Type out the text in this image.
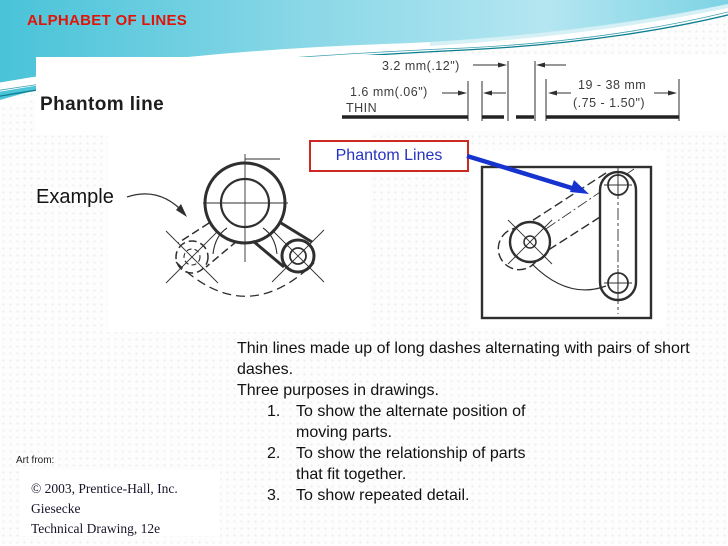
ALPHABET OF LINES
Phantom line
Example
3.2 mm(.12")
1.6 mm(.06")
THIN
19 - 38 mm
(.75 - 1.50")
Phantom Lines
Thin lines made up of long dashes alternating with pairs of short dashes.
Three purposes in drawings.
1. To show the alternate position of moving parts.
2. To show the relationship of parts that fit together.
3. To show repeated detail.
Art from:
© 2003, Prentice-Hall, Inc.
Giesecke
Technical Drawing, 12e
